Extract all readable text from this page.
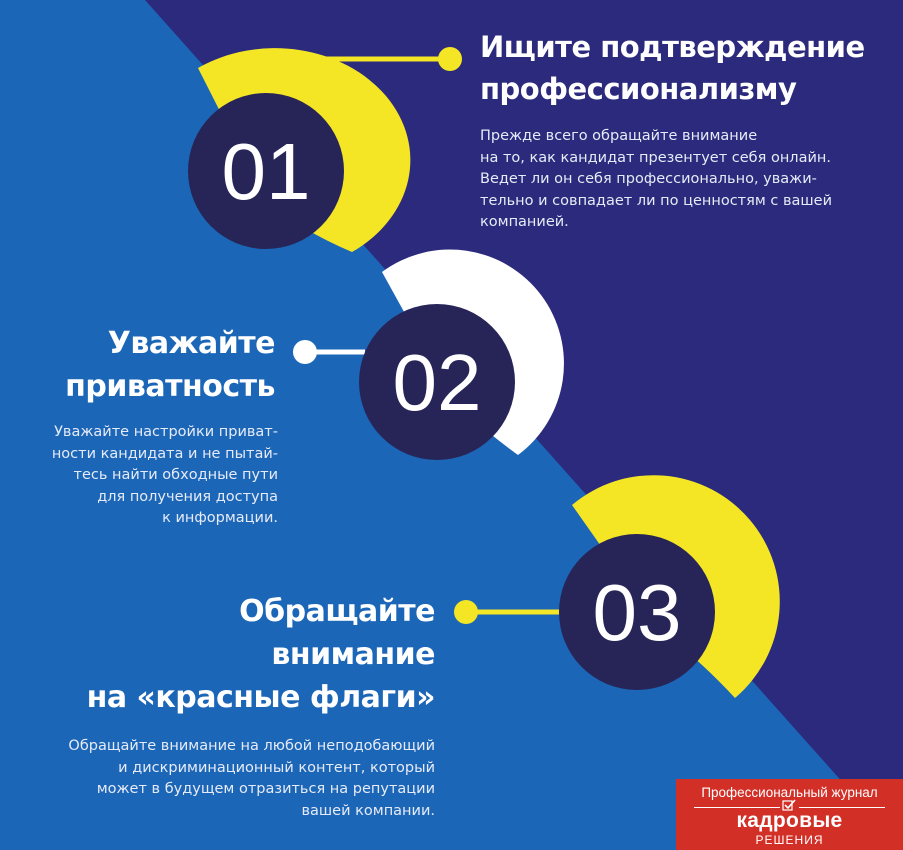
01
02
03
Ищите подтверждение
профессионализму
Прежде всего обращайте внимание
на то, как кандидат презентует себя онлайн.
Ведет ли он себя профессионально, уважи-
тельно и совпадает ли по ценностям с вашей
компанией.
Уважайте
приватность
Уважайте настройки приват-
ности кандидата и не пытай-
тесь найти обходные пути
для получения доступа
к информации.
Обращайте
внимание
на «красные флаги»
Обращайте внимание на любой неподобающий
и дискриминационный контент, который
может в будущем отразиться на репутации
вашей компании.
Профессиональный журнал
кадровые
РЕШЕНИЯ
